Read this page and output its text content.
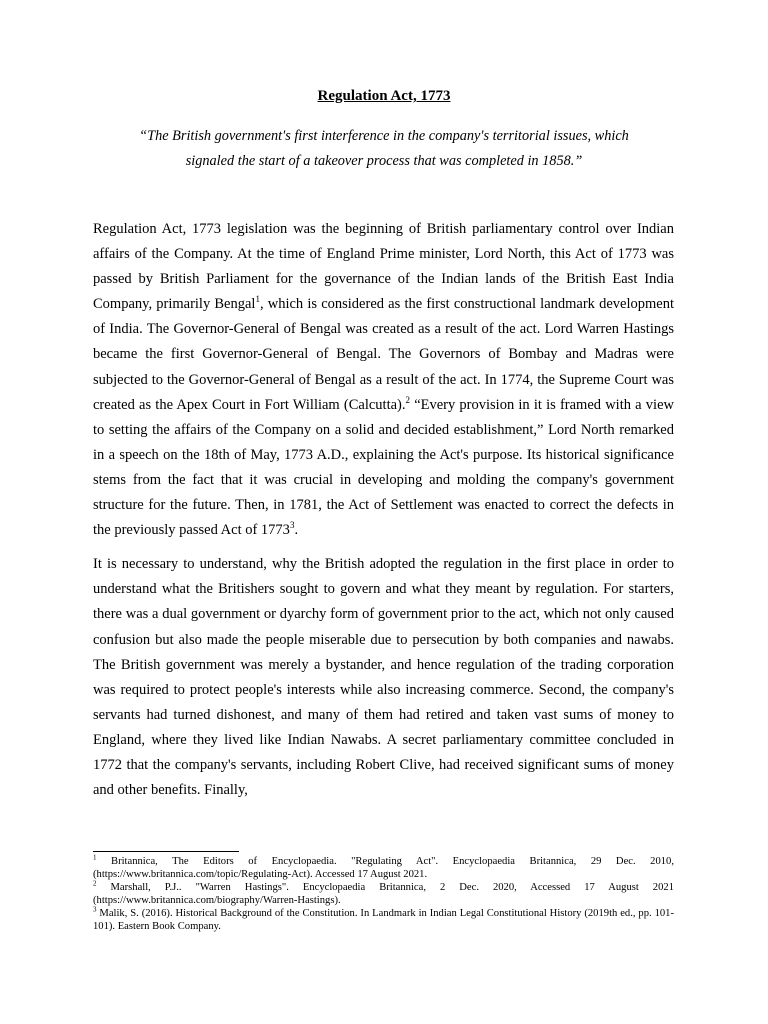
Regulation Act, 1773
“The British government's first interference in the company's territorial issues, which
signaled the start of a takeover process that was completed in 1858.”

Regulation Act, 1773 legislation was the beginning of British parliamentary control over Indian affairs of the Company. At the time of England Prime minister, Lord North, this Act of 1773 was passed by British Parliament for the governance of the Indian lands of the British East India Company, primarily Bengal$^1$, which is considered as the first constructional landmark development of India. The Governor-General of Bengal was created as a result of the act. Lord Warren Hastings became the first Governor-General of Bengal. The Governors of Bombay and Madras were subjected to the Governor-General of Bengal as a result of the act. In 1774, the Supreme Court was created as the Apex Court in Fort William (Calcutta).$^2$ “Every provision in it is framed with a view to setting the affairs of the Company on a solid and decided establishment,” Lord North remarked in a speech on the 18th of May, 1773 A.D., explaining the Act's purpose. Its historical significance stems from the fact that it was crucial in developing and molding the company's government structure for the future. Then, in 1781, the Act of Settlement was enacted to correct the defects in the previously passed Act of 1773$^3$.

It is necessary to understand, why the British adopted the regulation in the first place in order to understand what the Britishers sought to govern and what they meant by regulation. For starters, there was a dual government or dyarchy form of government prior to the act, which not only caused confusion but also made the people miserable due to persecution by both companies and nawabs. The British government was merely a bystander, and hence regulation of the trading corporation was required to protect people's interests while also increasing commerce. Second, the company's servants had turned dishonest, and many of them had retired and taken vast sums of money to England, where they lived like Indian Nawabs. A secret parliamentary committee concluded in 1772 that the company's servants, including Robert Clive, had received significant sums of money and other benefits. Finally,

$^1$ Britannica, The Editors of Encyclopaedia. "Regulating Act". Encyclopaedia Britannica, 29 Dec. 2010, (https://www.britannica.com/topic/Regulating-Act). Accessed 17 August 2021.
$^2$ Marshall, P.J.. "Warren Hastings". Encyclopaedia Britannica, 2 Dec. 2020, Accessed 17 August 2021 (https://www.britannica.com/biography/Warren-Hastings).
$^3$ Malik, S. (2016). Historical Background of the Constitution. In Landmark in Indian Legal Constitutional History (2019th ed., pp. 101-101). Eastern Book Company.
